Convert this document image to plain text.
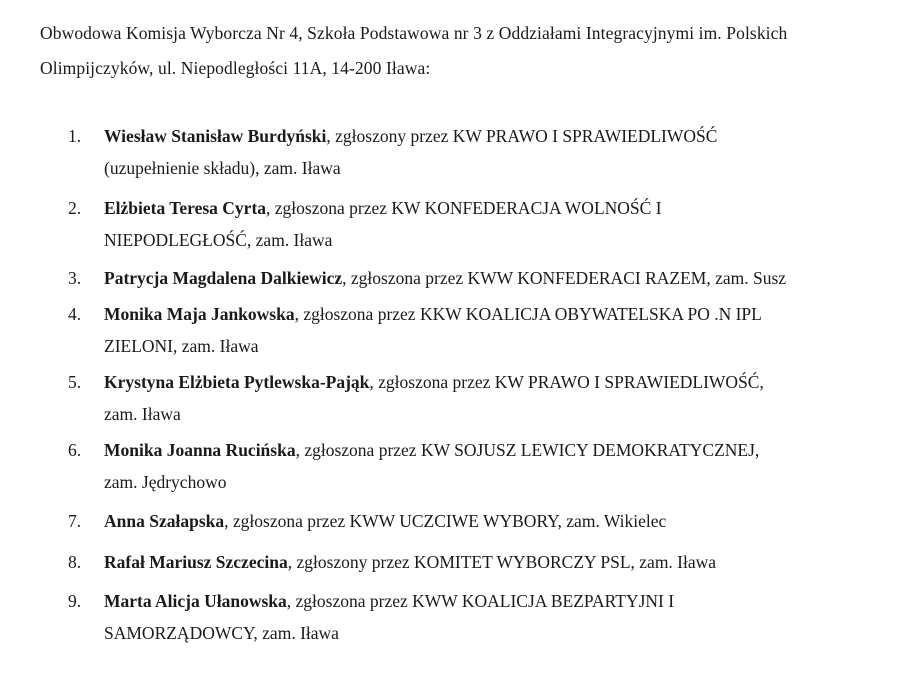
Obwodowa Komisja Wyborcza Nr 4, Szkoła Podstawowa nr 3 z Oddziałami Integracyjnymi im. Polskich
Olimpijczyków, ul. Niepodległości 11A, 14-200 Iława:
1.	Wiesław Stanisław Burdyński, zgłoszony przez KW PRAWO I SPRAWIEDLIWOŚĆ
(uzupełnienie składu), zam. Iława
2.	Elżbieta Teresa Cyrta, zgłoszona przez KW KONFEDERACJA WOLNOŚĆ I
NIEPODLEGŁOŚĆ, zam. Iława
3.	Patrycja Magdalena Dalkiewicz, zgłoszona przez KWW KONFEDERACI RAZEM, zam. Susz
4.	Monika Maja Jankowska, zgłoszona przez KKW KOALICJA OBYWATELSKA PO .N IPL
ZIELONI, zam. Iława
5.	Krystyna Elżbieta Pytlewska-Pająk, zgłoszona przez KW PRAWO I SPRAWIEDLIWOŚĆ,
zam. Iława
6.	Monika Joanna Rucińska, zgłoszona przez KW SOJUSZ LEWICY DEMOKRATYCZNEJ,
zam. Jędrychowo
7.	Anna Szałapska, zgłoszona przez KWW UCZCIWE WYBORY, zam. Wikielec
8.	Rafał Mariusz Szczecina, zgłoszony przez KOMITET WYBORCZY PSL, zam. Iława
9.	Marta Alicja Ułanowska, zgłoszona przez KWW KOALICJA BEZPARTYJNI I
SAMORZĄDOWCY, zam. Iława
